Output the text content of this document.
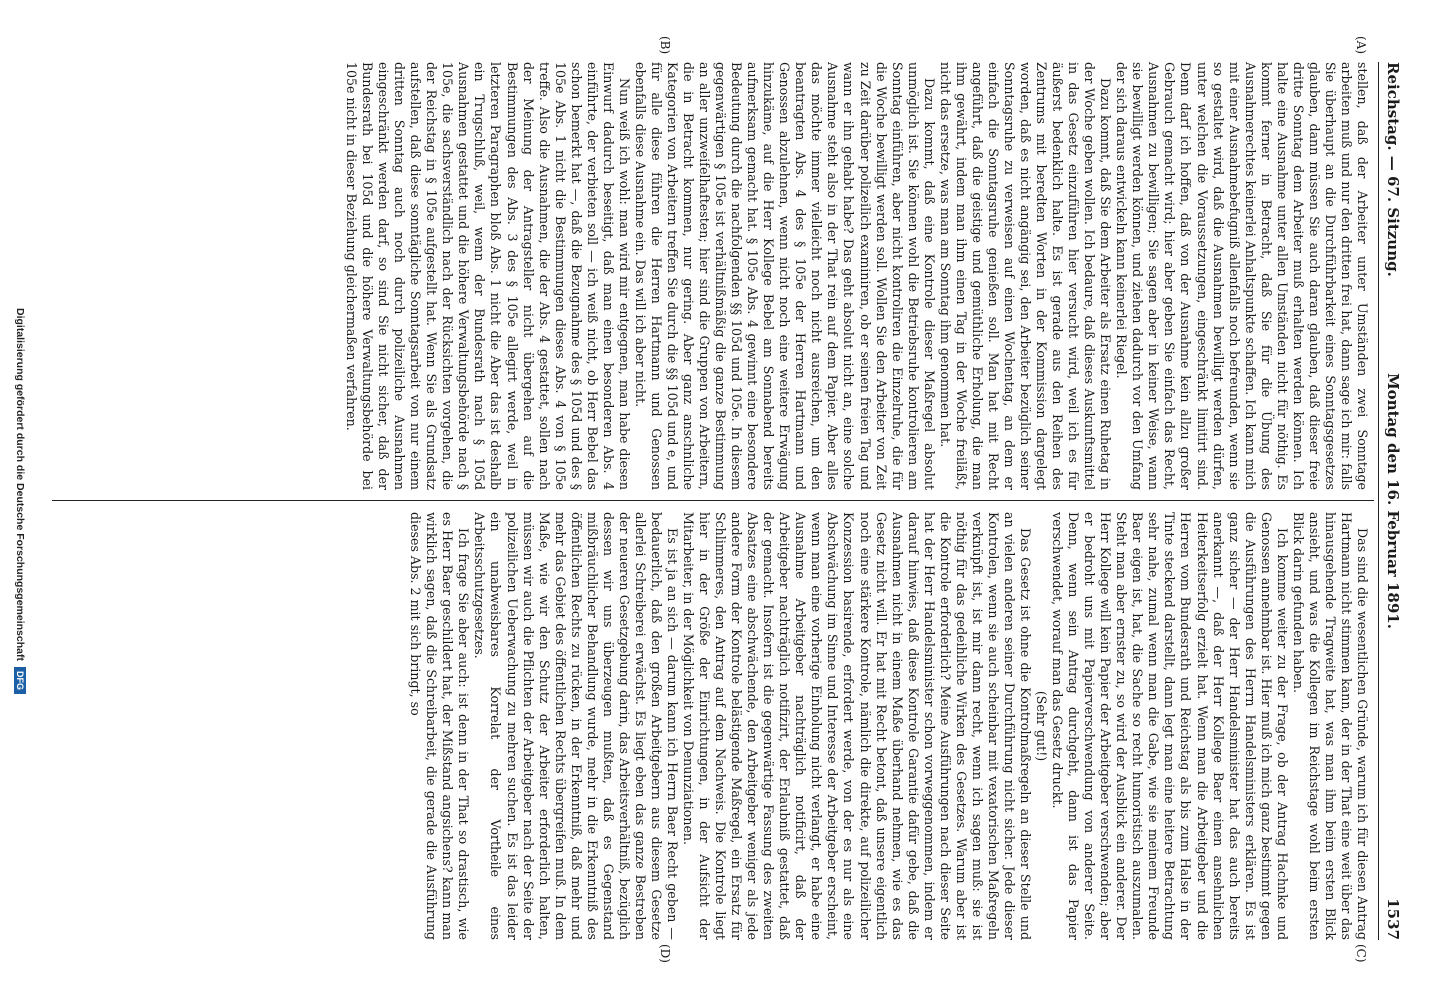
Reichstag. — 67. Sitzung.
Montag den 16. Februar 1891.
1537
(A)
(B)
(C)
(D)

stellen, daß der Arbeiter unter Umständen zwei Sonntage arbeiten muß und nur den dritten frei hat, dann sage ich mir: falls Sie überhaupt an die Durchführbarkeit eines Sonntagsgesetzes glauben, dann müssen Sie auch daran glauben, daß dieser freie dritte Sonntag dem Arbeiter muß erhalten werden können. Ich halte eine Ausnahme unter allen Umständen nicht für nöthig. Es kommt ferner in Betracht, daß Sie für die Übung des Ausnahmerechtes keinerlei Anhaltspunkte schaffen. Ich kann mich mit einer Ausnahmebefugniß allenfalls noch befreunden, wenn sie so gestaltet wird, daß die Ausnahmen bewilligt werden dürfen, unter welchen die Voraussetzungen, eingeschränkt limitirt sind. Denn darf ich hoffen, daß von der Ausnahme kein allzu großer Gebrauch gemacht wird; hier aber geben Sie einfach das Recht, Ausnahmen zu bewilligen; Sie sagen aber in keiner Weise, wann sie bewilligt werden können, und ziehen dadurch vor den Umfang der sich daraus entwickeln kann keinerlei Riegel.

Dazu kommt, daß Sie dem Arbeiter als Ersatz einen Ruhetag in der Woche geben wollen. Ich bedaure, daß dieses Auskunftsmittel in das Gesetz einzuführen hier versucht wird, weil ich es für äußerst bedenklich halte. Es ist gerade aus den Reihen des Zentrums mit beredten Worten in der Kommission dargelegt worden, daß es nicht angängig sei, den Arbeiter bezüglich seiner Sonntagsruhe zu verweisen auf einen Wochentag, an dem er einfach die Sonntagsruhe genießen soll. Man hat mit Recht angeführt, daß die geistige und gemüthliche Erholung, die man ihm gewährt, indem man ihm einen Tag in der Woche freiläßt, nicht das ersetze, was man am Sonntag ihm genommen hat.

Dazu kommt, daß eine Kontrole dieser Maßregel absolut unmöglich ist. Sie können wohl die Betriebsruhe kontrolieren am Sonntag einführen, aber nicht kontroliren die Einzelruhe, die für die Woche bewilligt werden soll. Wollen Sie den Arbeiter von Zeit zu Zeit darüber polizeilich examiniren, ob er seinen freien Tag und wann er ihn gehabt habe? Das geht absolut nicht an, eine solche Ausnahme steht also in der That rein auf dem Papier. Aber alles das möchte immer vielleicht noch nicht ausreichen, um den beantragten Abs. 4 des § 105e der Herren Hartmann und Genossen abzulehnen, wenn nicht noch eine weitere Erwägung hinzukäme, auf die Herr Kollege Bebel am Sonnabend bereits aufmerksam gemacht hat. § 105e Abs. 4 gewinnt eine besondere Bedeutung durch die nachfolgenden §§ 105d und 105e. In diesem gegenwärtigen § 105e ist verhältnißmäßig die ganze Bestimmung an aller unzweifelhaftesten; hier sind die Gruppen von Arbeitern, die in Betracht kommen, nur gering. Aber ganz anschnliche Kategorien von Arbeitern treffen Sie durch die §§ 105d und e, und für alle diese führen die Herren Hartmann und Genossen ebenfalls diese Ausnahme ein. Das will ich aber nicht.

Nun weiß ich wohl: man wird mir entgegnen, man habe diesen Einwurf dadurch beseitigt, daß man einen besonderen Abs. 4 einführte, der verbieten soll — ich weiß nicht, ob Herr Bebel das schon bemerkt hat —, daß die Bezugnahme des § 105d und des § 105e Abs. 1 nicht die Bestimmungen dieses Abs. 4 von § 105e treffe. Also die Ausnahmen, die der Abs. 4 gestattet, sollen nach der Meinung der Antragsteller nicht übergehen auf die Bestimmungen des Abs. 3 des § 105e allegirt werde, weil in letzteren Paragraphen bloß Abs. 1 nicht die Aber das ist deshalb ein Trugschluß, weil, wenn der Bundesrath nach § 105d Ausnahmen gestattet und die höhere Verwaltungsbehörde nach § 105e, die sachsverständlich nach der Rücksichten vorgehen, die der Reichstag in § 105e aufgestellt hat. Wenn Sie als Grundsatz aufstellen, daß diese sonntägliche Sonntagsarbeit von nur einem dritten Sonntag auch noch durch polizeiliche Ausnahmen eingeschränkt werden darf, so sind Sie nicht sicher, daß der Bundesrath bei 105d und die höhere Verwaltungsbehörde bei 105e nicht in dieser Beziehung gleichermaßen verfahren.

Das sind die wesentlichen Gründe, warum ich für diesen Antrag Hartmann nicht stimmen kann, der in der That eine weit über das hinausgehende Tragweite hat, was man ihm beim ersten Blick ansieht, und was die Kollegen im Reichstage wohl beim ersten Blick darin gefunden haben.

Ich komme weiter zu der Frage, ob der Antrag Hachnke und Genossen annehmbar ist. Hier muß ich mich ganz bestimmt gegen die Ausführungen des Herrn Handelsministers erklären. Es ist ganz sicher — der Herr Handelsminister hat das auch bereits anerkannt —, daß der Herr Kollege Baer einen ansehnlichen Heiterkeitserfolg erzielt hat. Wenn man die Arbeitgeber und die Herren vom Bundesrath und Reichstag als bis zum Halse in der Tinte steckend darstellt, dann legt man eine heitere Betrachtung sehr nahe, zumal wenn man die Gabe, wie sie meinem Freunde Baer eigen ist, hat, die Sache so recht humoristisch auszumalen. Steht man aber ernster zu, so wird der Ausblick ein anderer. Der Herr Kollege will kein Papier der Arbeitgeber verschwenden; aber er bedroht uns mit Papierverschwendung von anderer Seite. Denn, wenn sein Antrag durchgeht, dann ist das Papier verschwendet, worauf man das Gesetz druckt.

(Sehr gut!)

Das Gesetz ist ohne die Kontrolmaßregeln an dieser Stelle und an vielen anderen seiner Durchführung nicht sicher. Jede dieser Kontrolen, wenn sie auch scheinbar mit vexatorischen Maßregeln verknüpft ist, ist mir dann recht, wenn ich sagen muß: sie ist nöthig für das gedeihliche Wirken des Gesetzes. Warum aber ist die Kontrole erforderlich? Meine Ausführungen nach dieser Seite hat der Herr Handelsminister schon vorweggenommen, indem er darauf hinwies, daß diese Kontrole Garantie dafür gebe, daß die Ausnahmen nicht in einem Maße überhand nehmen, wie es das Gesetz nicht will. Er hat mit Recht betont, daß unsere eigentlich noch eine stärkere Kontrole, nämlich die direkte, auf polizeilicher Konzession basirende, erfordert werde, von der es nur als eine Abschwächung im Sinne und Interesse der Arbeitgeber erscheint, wenn man eine vorherige Einholung nicht verlangt, er habe eine Ausnahme Arbeitgeber nachträglich notificirt, daß der Arbeitgeber nachträglich notifizirt, der Erlaubniß gestattet, daß der gemacht. Insofern ist die gegenwärtige Fassung des zweiten Absatzes eine abschwächende, den Arbeitgeber weniger als jede andere Form der Kontrole belästigende Maßregel, ein Ersatz für Schlimmeres, den Antrag auf dem Nachweis. Die Kontrole liegt hier in der Größe der Einrichtungen, in der Aufsicht der Mitarbeiter, in der Möglichkeit von Denunziationen.

Es ist ja an sich — darum kann ich Herrn Baer Recht geben — bedauerlich, daß den großen Arbeitgebern aus diesem Gesetze allerlei Schreiberei erwächst. Es liegt eben das ganze Bestreben der neueren Gesetzgebung darin, das Arbeitsverhältniß, bezüglich dessen wir uns überzeugen mußten, daß es Gegenstand mißbräuchlicher Behandlung wurde, mehr in die Erkenntniß des öffentlichen Rechts zu rücken, in der Erkenntniß, daß mehr und mehr das Gebiet des öffentlichen Rechts übergreifen muß. In dem Maße, wie wir den Schutz der Arbeiter erforderlich halten, müssen wir auch die Pflichten der Arbeitgeber nach der Seite der polizeilichen Ueberwachung zu mehren suchen. Es ist das leider ein unabweisbares Korrelat der Vortheile eines Arbeitsschutzgesetzes.

Ich frage Sie aber auch: ist denn in der That so drastisch, wie es Herr Baer geschildert hat, der Mißstand angsichens? kann man wirklich sagen, daß die Schreibarbeit, die gerade die Ausführung dieses Abs. 2 mit sich bringt, so

Digitalisierung gefördert durch die Deutsche ForschungsgemeinschaftDFG
